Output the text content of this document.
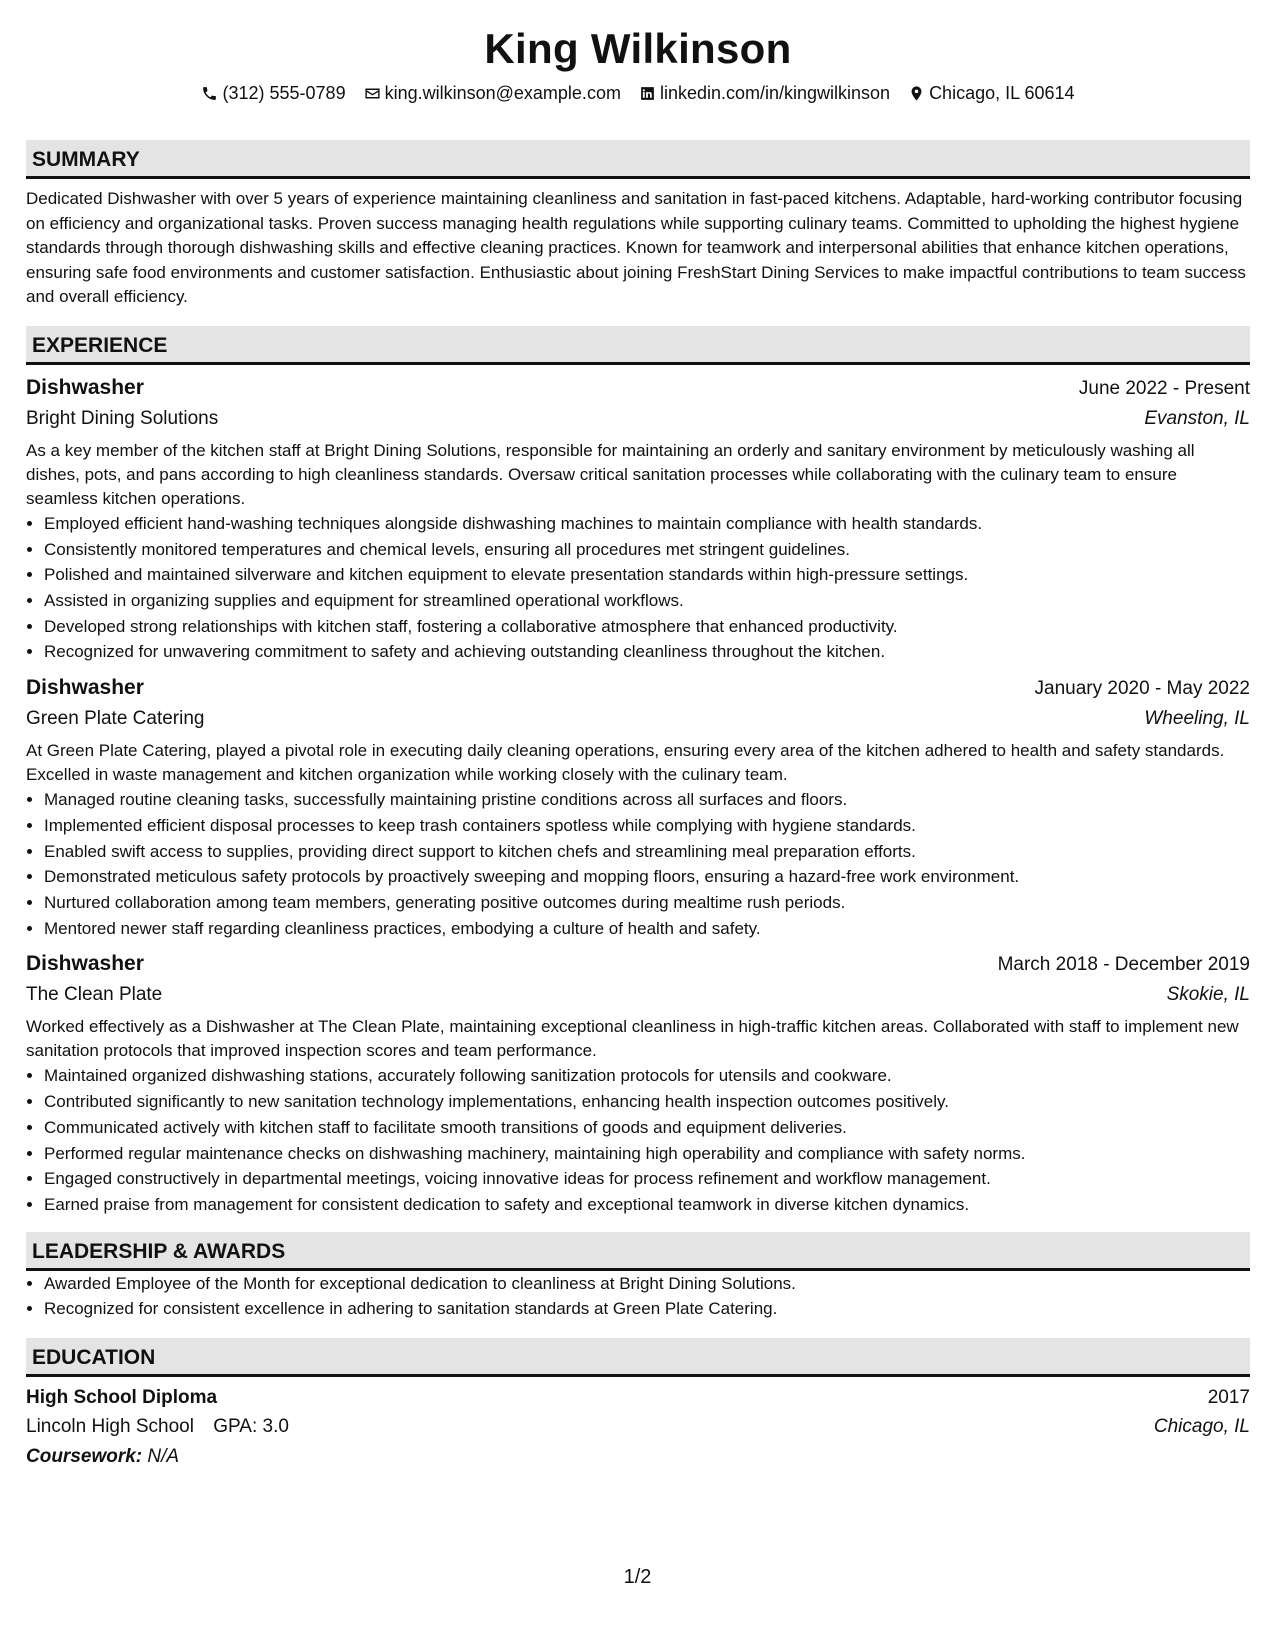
King Wilkinson
(312) 555-0789 king.wilkinson@example.com linkedin.com/in/kingwilkinson Chicago, IL 60614
SUMMARY

Dedicated Dishwasher with over 5 years of experience maintaining cleanliness and sanitation in fast-paced kitchens. Adaptable, hard-working contributor focusing on efficiency and organizational tasks. Proven success managing health regulations while supporting culinary teams. Committed to upholding the highest hygiene standards through thorough dishwashing skills and effective cleaning practices. Known for teamwork and interpersonal abilities that enhance kitchen operations, ensuring safe food environments and customer satisfaction. Enthusiastic about joining FreshStart Dining Services to make impactful contributions to team success and overall efficiency.

EXPERIENCE
Dishwasher	June 2022 - Present
Bright Dining Solutions	Evanston, IL

As a key member of the kitchen staff at Bright Dining Solutions, responsible for maintaining an orderly and sanitary environment by meticulously washing all dishes, pots, and pans according to high cleanliness standards. Oversaw critical sanitation processes while collaborating with the culinary team to ensure seamless kitchen operations.

• Employed efficient hand-washing techniques alongside dishwashing machines to maintain compliance with health standards.
• Consistently monitored temperatures and chemical levels, ensuring all procedures met stringent guidelines.
• Polished and maintained silverware and kitchen equipment to elevate presentation standards within high-pressure settings.
• Assisted in organizing supplies and equipment for streamlined operational workflows.
• Developed strong relationships with kitchen staff, fostering a collaborative atmosphere that enhanced productivity.
• Recognized for unwavering commitment to safety and achieving outstanding cleanliness throughout the kitchen.
Dishwasher	January 2020 - May 2022
Green Plate Catering	Wheeling, IL

At Green Plate Catering, played a pivotal role in executing daily cleaning operations, ensuring every area of the kitchen adhered to health and safety standards. Excelled in waste management and kitchen organization while working closely with the culinary team.

• Managed routine cleaning tasks, successfully maintaining pristine conditions across all surfaces and floors.
• Implemented efficient disposal processes to keep trash containers spotless while complying with hygiene standards.
• Enabled swift access to supplies, providing direct support to kitchen chefs and streamlining meal preparation efforts.
• Demonstrated meticulous safety protocols by proactively sweeping and mopping floors, ensuring a hazard-free work environment.
• Nurtured collaboration among team members, generating positive outcomes during mealtime rush periods.
• Mentored newer staff regarding cleanliness practices, embodying a culture of health and safety.
Dishwasher	March 2018 - December 2019
The Clean Plate	Skokie, IL

Worked effectively as a Dishwasher at The Clean Plate, maintaining exceptional cleanliness in high-traffic kitchen areas. Collaborated with staff to implement new sanitation protocols that improved inspection scores and team performance.

• Maintained organized dishwashing stations, accurately following sanitization protocols for utensils and cookware.
• Contributed significantly to new sanitation technology implementations, enhancing health inspection outcomes positively.
• Communicated actively with kitchen staff to facilitate smooth transitions of goods and equipment deliveries.
• Performed regular maintenance checks on dishwashing machinery, maintaining high operability and compliance with safety norms.
• Engaged constructively in departmental meetings, voicing innovative ideas for process refinement and workflow management.
• Earned praise from management for consistent dedication to safety and exceptional teamwork in diverse kitchen dynamics.
LEADERSHIP & AWARDS
• Awarded Employee of the Month for exceptional dedication to cleanliness at Bright Dining Solutions.
• Recognized for consistent excellence in adhering to sanitation standards at Green Plate Catering.
EDUCATION
High School Diploma	2017
Lincoln High School GPA: 3.0	Chicago, IL
Coursework: N/A
1/2
